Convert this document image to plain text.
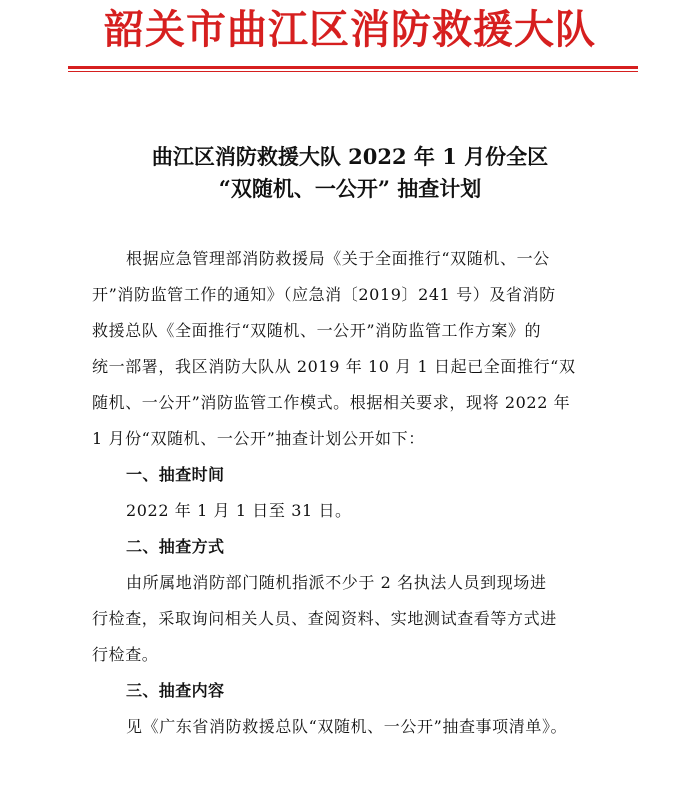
韶关市曲江区消防救援大队
曲江区消防救援大队 2022 年 1 月份全区
“双随机、一公开” 抽查计划
根据应急管理部消防救援局《关于全面推行“双随机、一公
开”消防监管工作的通知》（应急消〔2019〕241 号）及省消防
救援总队《全面推行“双随机、一公开”消防监管工作方案》的
统一部署，我区消防大队从 2019 年 10 月 1 日起已全面推行“双
随机、一公开”消防监管工作模式。根据相关要求，现将 2022 年
1 月份“双随机、一公开”抽查计划公开如下：
一、抽查时间
2022 年 1 月 1 日至 31 日。
二、抽查方式
由所属地消防部门随机指派不少于 2 名执法人员到现场进
行检查，采取询问相关人员、查阅资料、实地测试查看等方式进
行检查。
三、抽查内容
见《广东省消防救援总队“双随机、一公开”抽查事项清单》。
